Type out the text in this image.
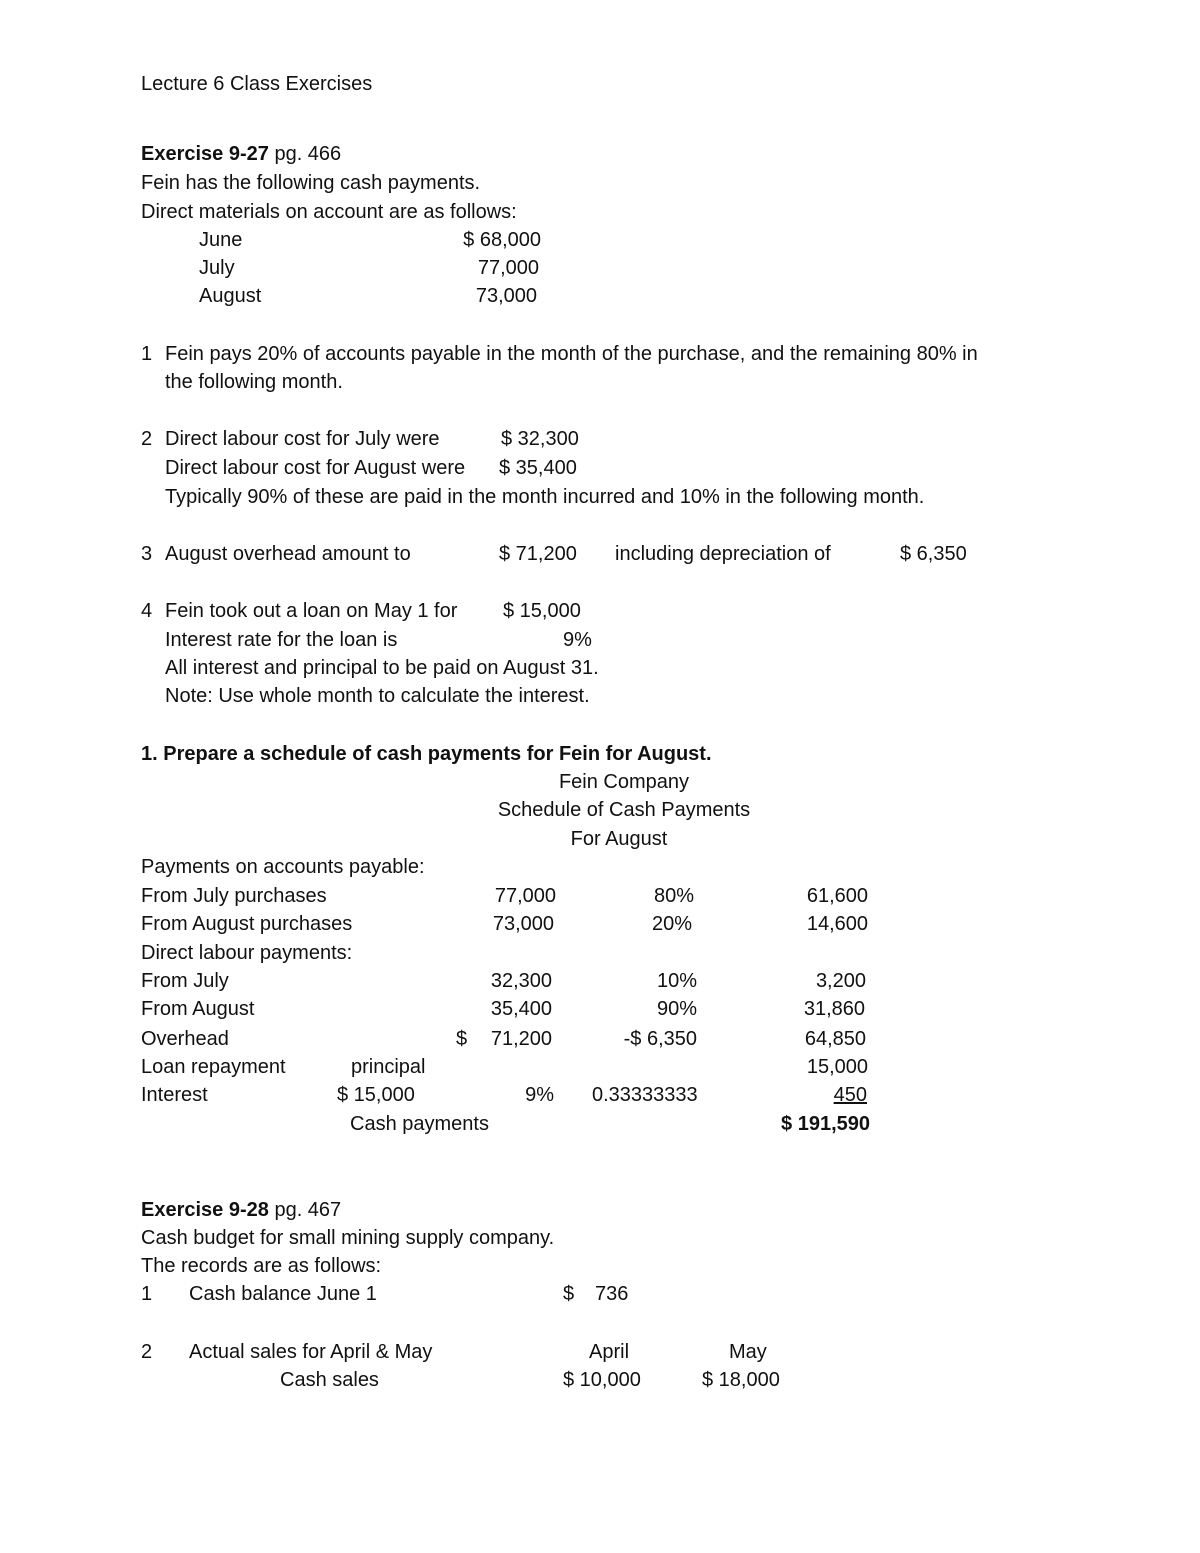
Lecture 6 Class Exercises
Exercise 9-27 pg. 466
Fein has the following cash payments.
Direct materials on account are as follows:
June	$ 68,000
July	77,000
August	73,000
1 Fein pays 20% of accounts payable in the month of the purchase, and the remaining 80% in
the following month.
2 Direct labour cost for July were	$ 32,300
Direct labour cost for August were $ 35,400
Typically 90% of these are paid in the month incurred and 10% in the following month.
3 August overhead amount to	$ 71,200 including depreciation of	$ 6,350
4 Fein took out a loan on May 1 for $ 15,000
Interest rate for the loan is	9%
All interest and principal to be paid on August 31.
Note: Use whole month to calculate the interest.
1. Prepare a schedule of cash payments for Fein for August.
Fein Company
Schedule of Cash Payments
For August
Payments on accounts payable:
From July purchases	77,000	80%	61,600
From August purchases	73,000	20%	14,600
Direct labour payments:
From July	32,300	10%	3,200
From August	35,400	90%	31,860
Overhead	$	71,200	-$ 6,350	64,850
Loan repayment	principal	15,000
Interest	$ 15,000	9% 0.33333333	450
Cash payments	$ 191,590
Exercise 9-28 pg. 467
Cash budget for small mining supply company.
The records are as follows:
1 Cash balance June 1	$ 736
2 Actual sales for April & May	April	May
Cash sales	$ 10,000	$ 18,000
